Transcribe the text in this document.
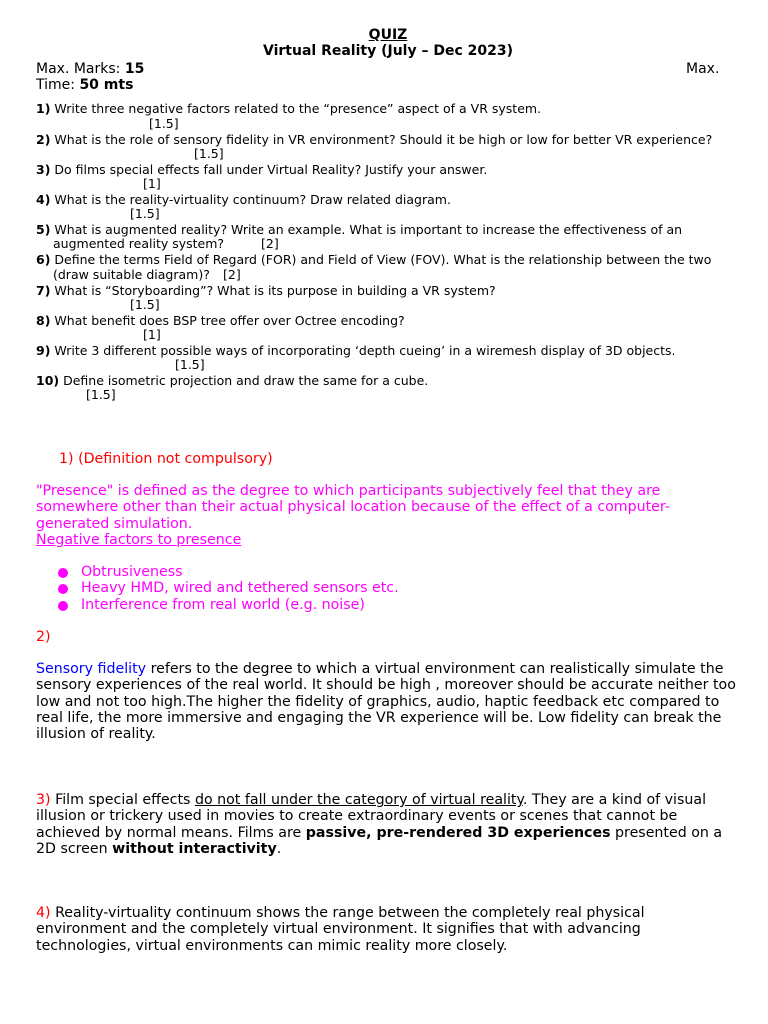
QUIZ
Virtual Reality (July – Dec 2023)
Max. Marks: 15	Max.
Time: 50 mts
1) Write three negative factors related to the “presence” aspect of a VR system.
[1.5]
2) What is the role of sensory fidelity in VR environment? Should it be high or low for better VR experience?
[1.5]
3) Do films special effects fall under Virtual Reality? Justify your answer.
[1]
4) What is the reality-virtuality continuum? Draw related diagram.
[1.5]
5) What is augmented reality? Write an example. What is important to increase the effectiveness of an
augmented reality system?	[2]
6) Define the terms Field of Regard (FOR) and Field of View (FOV). What is the relationship between the two
(draw suitable diagram)? [2]
7) What is “Storyboarding”? What is its purpose in building a VR system?
[1.5]
8) What benefit does BSP tree offer over Octree encoding?
[1]
9) Write 3 different possible ways of incorporating ‘depth cueing’ in a wiremesh display of 3D objects.
[1.5]
10) Define isometric projection and draw the same for a cube.
[1.5]
1) (Definition not compulsory)
"Presence" is defined as the degree to which participants subjectively feel that they are somewhere other than their actual physical location because of the effect of a computer-generated simulation.
Negative factors to presence
Obtrusiveness
Heavy HMD, wired and tethered sensors etc.
Interference from real world (e.g. noise)
2)
Sensory fidelity refers to the degree to which a virtual environment can realistically simulate the sensory experiences of the real world. It should be high , moreover should be accurate neither too low and not too high.The higher the fidelity of graphics, audio, haptic feedback etc compared to real life, the more immersive and engaging the VR experience will be. Low fidelity can break the illusion of reality.
3) Film special effects do not fall under the category of virtual reality. They are a kind of visual illusion or trickery used in movies to create extraordinary events or scenes that cannot be achieved by normal means. Films are passive, pre-rendered 3D experiences presented on a 2D screen without interactivity.
4) Reality-virtuality continuum shows the range between the completely real physical environment and the completely virtual environment. It signifies that with advancing technologies, virtual environments can mimic reality more closely.
